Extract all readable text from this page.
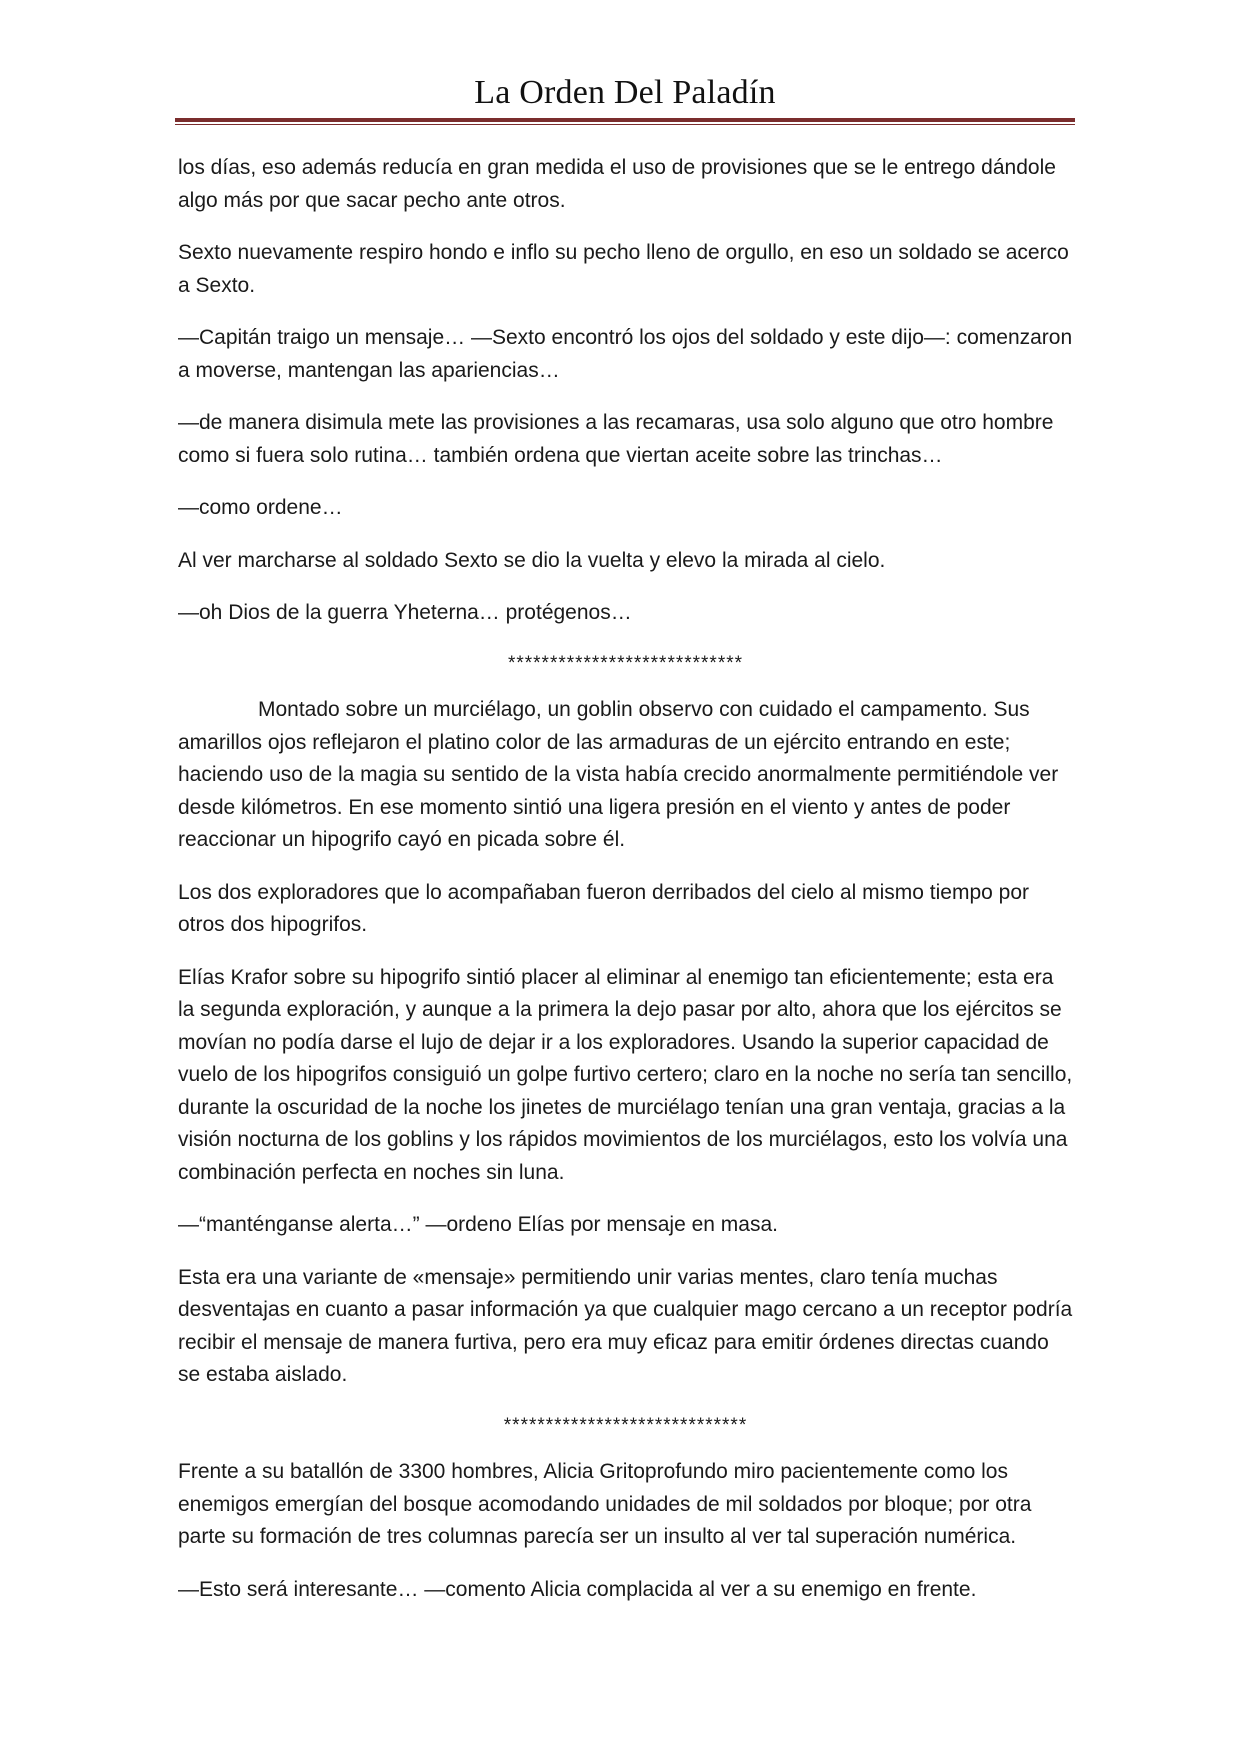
La Orden Del Paladín

los días, eso además reducía en gran medida el uso de provisiones que se le entrego dándole algo más por que sacar pecho ante otros.

Sexto nuevamente respiro hondo e inflo su pecho lleno de orgullo, en eso un soldado se acerco a Sexto.

—Capitán traigo un mensaje… —Sexto encontró los ojos del soldado y este dijo—: comenzaron a moverse, mantengan las apariencias…

—de manera disimula mete las provisiones a las recamaras, usa solo alguno que otro hombre como si fuera solo rutina… también ordena que viertan aceite sobre las trinchas…

—como ordene…

Al ver marcharse al soldado Sexto se dio la vuelta y elevo la mirada al cielo.

—oh Dios de la guerra Yheterna… protégenos…

****************************

Montado sobre un murciélago, un goblin observo con cuidado el campamento. Sus amarillos ojos reflejaron el platino color de las armaduras de un ejército entrando en este; haciendo uso de la magia su sentido de la vista había crecido anormalmente permitiéndole ver desde kilómetros. En ese momento sintió una ligera presión en el viento y antes de poder reaccionar un hipogrifo cayó en picada sobre él.

Los dos exploradores que lo acompañaban fueron derribados del cielo al mismo tiempo por otros dos hipogrifos.

Elías Krafor sobre su hipogrifo sintió placer al eliminar al enemigo tan eficientemente; esta era la segunda exploración, y aunque a la primera la dejo pasar por alto, ahora que los ejércitos se movían no podía darse el lujo de dejar ir a los exploradores. Usando la superior capacidad de vuelo de los hipogrifos consiguió un golpe furtivo certero; claro en la noche no sería tan sencillo, durante la oscuridad de la noche los jinetes de murciélago tenían una gran ventaja, gracias a la visión nocturna de los goblins y los rápidos movimientos de los murciélagos, esto los volvía una combinación perfecta en noches sin luna.

—“manténganse alerta…” —ordeno Elías por mensaje en masa.

Esta era una variante de «mensaje» permitiendo unir varias mentes, claro tenía muchas desventajas en cuanto a pasar información ya que cualquier mago cercano a un receptor podría recibir el mensaje de manera furtiva, pero era muy eficaz para emitir órdenes directas cuando se estaba aislado.

*****************************

Frente a su batallón de 3300 hombres, Alicia Gritoprofundo miro pacientemente como los enemigos emergían del bosque acomodando unidades de mil soldados por bloque; por otra parte su formación de tres columnas parecía ser un insulto al ver tal superación numérica.

—Esto será interesante… —comento Alicia complacida al ver a su enemigo en frente.
